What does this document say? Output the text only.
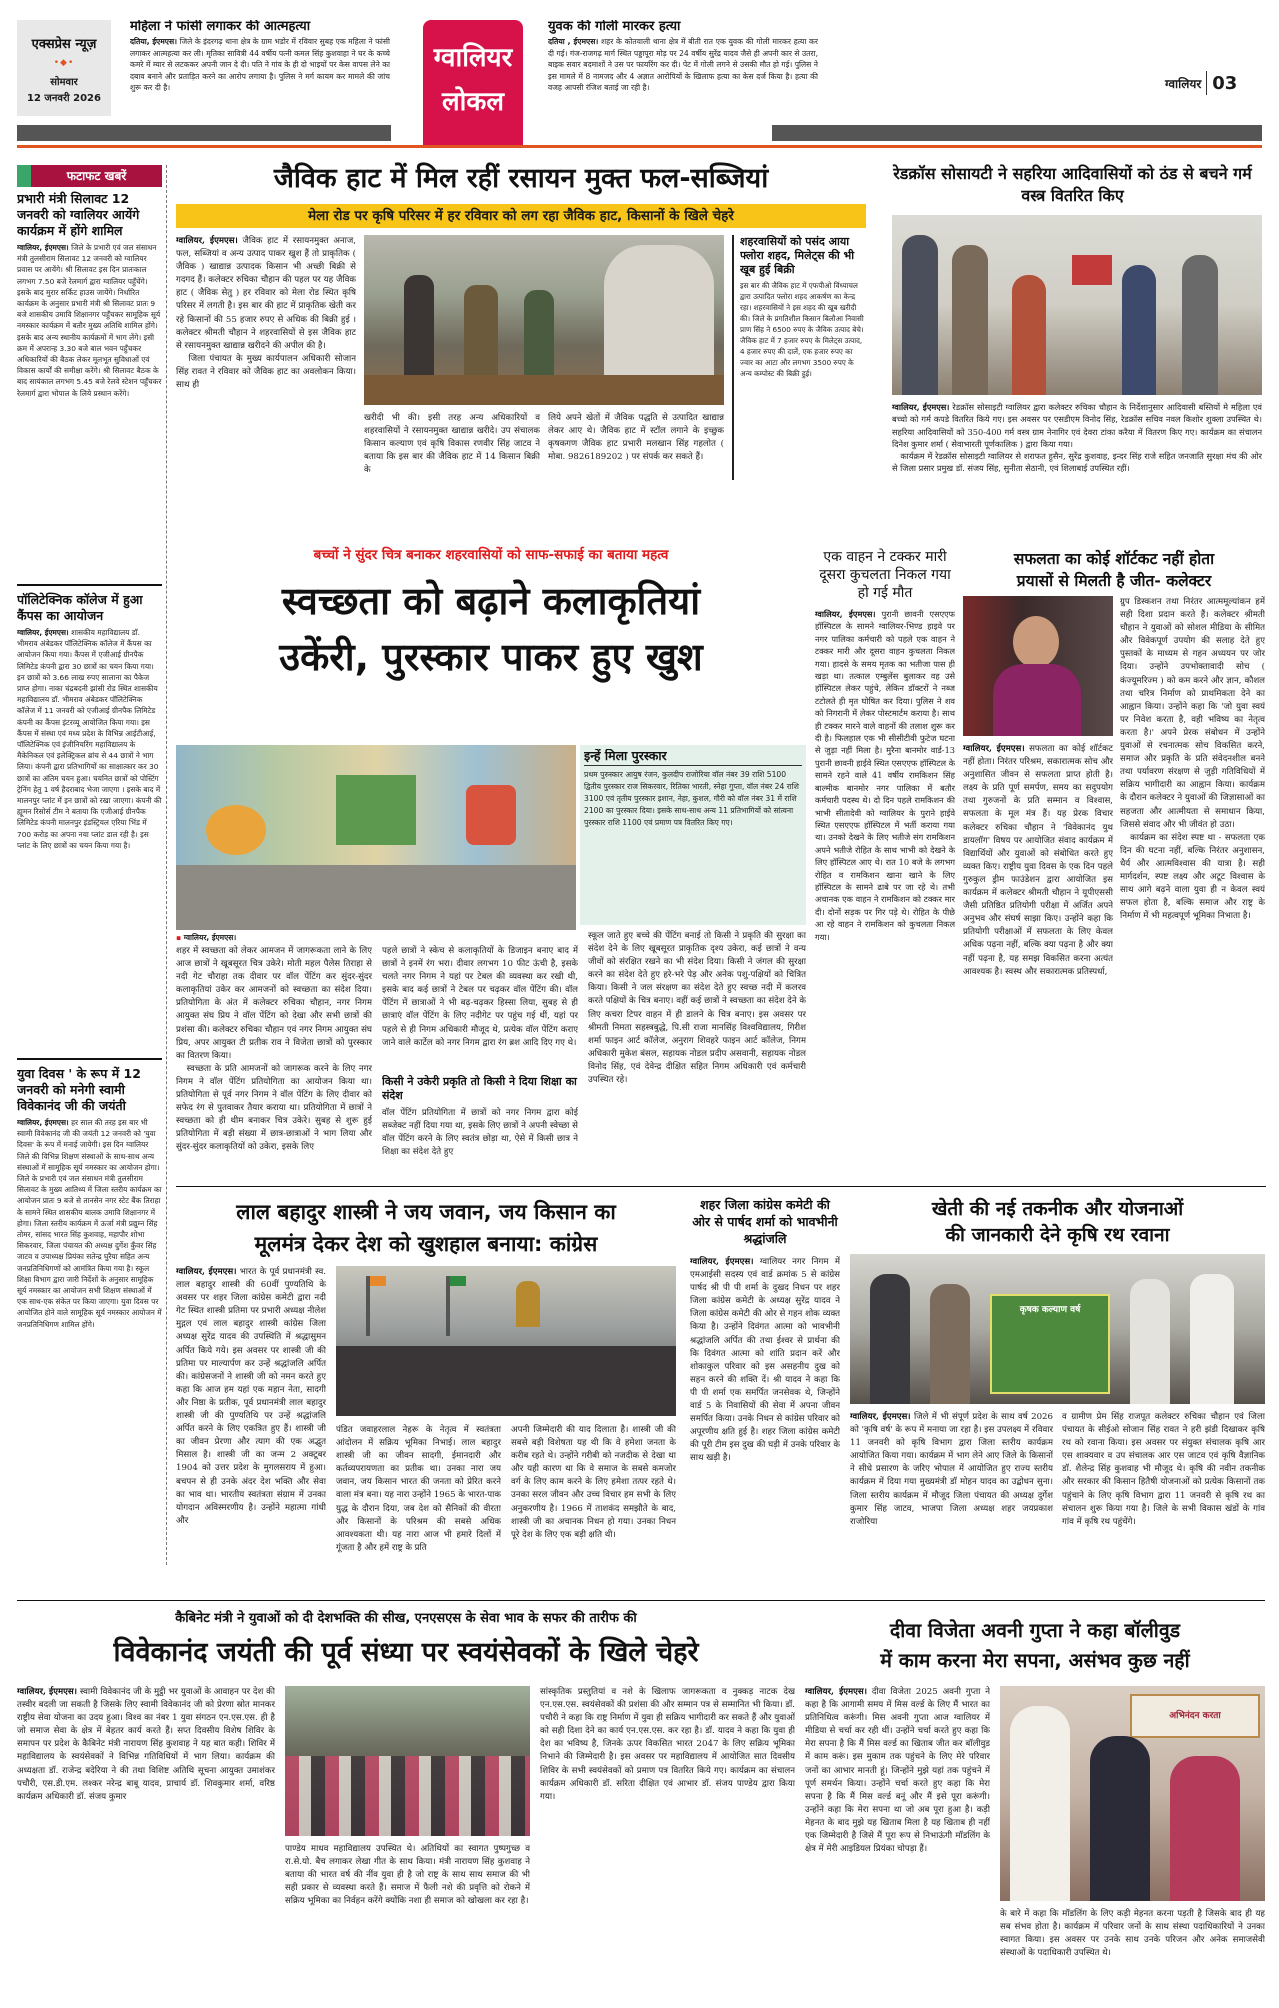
एक्सप्रेस न्यूज़
•◆•
सोमवार
12 जनवरी 2026
महिला ने फांसी लगाकर की आत्महत्या
दतिया, ईएमएस। जिले के इंदरगढ़ थाना क्षेत्र के ग्राम भडोर में रविवार सुबह एक महिला ने फांसी लगाकर आत्महत्या कर ली। मृतिका सावित्री 44 वर्षीय पत्नी कमल सिंह कुशवाहा ने घर के कच्चे कमरे में म्यार से लटककर अपनी जान दे दी। पति ने गांव के ही दो भाइयों पर केस वापस लेने का दबाव बनाने और प्रताड़ित करने का आरोप लगाया है। पुलिस ने मर्ग कायम कर मामले की जांच शुरू कर दी है।
ग्वालियर
लोकल
युवक की गोली मारकर हत्या
दतिया , ईएमएस। शहर के कोतवाली थाना क्षेत्र में बीती रात एक युवक की गोली मारकर हत्या कर दी गई। गंज-राजगढ़ मार्ग स्थित पड्डापूरा मोड़ पर 24 वर्षीय सुरेंद्र यादव जैसे ही अपनी कार से उतरा, बाइक सवार बदमाशों ने उस पर फायरिंग कर दी। पेट में गोली लगने से उसकी मौत हो गई। पुलिस ने इस मामले में 8 नामजद और 4 अज्ञात आरोपियों के खिलाफ हत्या का केस दर्ज किया है। हत्या की वजह आपसी रंजिश बताई जा रही है।	ग्वालियर 03
फटाफट खबरें
प्रभारी मंत्री सिलावट 12 जनवरी को ग्वालियर आयेंगे कार्यक्रम में होंगे शामिल
ग्वालियर, ईएमएस। जिले के प्रभारी एवं जल संसाधन मंत्री तुलसीराम सिलावट 12 जनवरी को ग्वालियर प्रवास पर आयेंगे। श्री सिलावट इस दिन प्रातःकाल लगभग 7.50 बजे रेलमार्ग द्वारा ग्वालियर पहुँचेंगे। इसके बाद मुरार सर्किट हाउस जायेंगे। निर्धारित कार्यक्रम के अनुसार प्रभारी मंत्री श्री सिलावट प्रातः 9 बजे शासकीय उमावि शिक्षानगर पहुँचकर सामूहिक सूर्य नमस्कार कार्यक्रम में बतौर मुख्य अतिथि शामिल होंगे। इसके बाद अन्य स्थानीय कार्यक्रमों में भाग लेंगे। इसी क्रम में अपरान्ह 3.30 बजे बाल भवन पहुँचकर अधिकारियों की बैठक लेकर मूलभूत सुविधाओं एवं विकास कार्यों की समीक्षा करेंगे। श्री सिलावट बैठक के बाद सायंकाल लगभग 5.45 बजे रेलवे स्टेशन पहुँचकर रेलमार्ग द्वारा भोपाल के लिये प्रस्थान करेंगे।
पॉलिटेक्निक कॉलेज में हुआ कैंपस का आयोजन
ग्वालियर, ईएमएस। शासकीय महाविद्यालय डॉ. भीमराव अंबेडकर पॉलिटेक्निक कॉलेज में कैंपस का आयोजन किया गया। कैंपस में एजीआई ग्रीनपैक लिमिटेड कंपनी द्वारा 30 छात्रों का चयन किया गया। इन छात्रों को 3.66 लाख रुपए सालाना का पैकेज प्राप्त होगा। नाका चंद्रबदनी झांसी रोड स्थित शासकीय महाविद्यालय डॉ. भीमराव अंबेडकर पॉलिटेक्निक कॉलेज में 11 जनवरी को एजीआई ग्रीनपैक लिमिटेड कंपनी का कैंपस इंटरव्यू आयोजित किया गया। इस कैंपस में संस्था एवं मध्य प्रदेश के विभिन्न आईटीआई, पॉलिटेक्निक एवं इंजीनियरिंग महाविद्यालय के मैकेनिकल एवं इलेक्ट्रिकल ब्रांच से 44 छात्रों ने भाग लिया। कंपनी द्वारा प्रतिभागियों का साक्षात्कार कर 30 छात्रों का अंतिम चयन हुआ। चयनित छात्रों को पोस्टिंग ट्रेनिंग हेतु 1 वर्ष हैदराबाद भेजा जाएगा । इसके बाद में मालनपुर प्लांट में इन छात्रों को रखा जाएगा। कंपनी की ह्यूमन रिसोर्स टीम ने बताया कि एजीआई ग्रीनपैक लिमिटेड कंपनी मालनपुर इंडस्ट्रियल एरिया भिंड में 700 करोड़ का अपना नया प्लांट डाल रही है। इस प्लांट के लिए छात्रों का चयन किया गया है।
युवा दिवस ' के रूप में 12 जनवरी को मनेगी स्वामी विवेकानंद जी की जयंती
ग्वालियर, ईएमएस। हर साल की तरह इस बार भी स्वामी विवेकानंद जी की जयंती 12 जनवरी को 'युवा दिवस' के रूप में मनाई जायेगी। इस दिन ग्वालियर जिले की विभिन्न शिक्षण संस्थाओं के साथ-साथ अन्य संस्थाओं में सामूहिक सूर्य नमस्कार का आयोजन होगा। जिले के प्रभारी एवं जल संसाधन मंत्री तुलसीराम सिलावट के मुख्य आतिथ्य में जिला स्तरीय कार्यक्रम का आयोजन प्रातः 9 बजे से तानसेन नगर स्टेट बैंक तिराहा के सामने स्थित शासकीय बालक उमावि शिक्षानगर में होगा। जिला स्तरीय कार्यक्रम में ऊर्जा मंत्री प्रद्युम्न सिंह तोमर, सांसद भारत सिंह कुशवाह, महापौर शोभा सिकरवार, जिला पंचायत की अध्यक्ष दुर्गेश कुँवर सिंह जाटव व उपाध्यक्ष प्रियंका सतेन्द्र घुरैया सहित अन्य जनप्रतिनिधिगणों को आमंत्रित किया गया है। स्कूल शिक्षा विभाग द्वारा जारी निर्देशों के अनुसार सामूहिक सूर्य नमस्कार का आयोजन सभी शिक्षण संस्थाओं में एक साथ-एक संकेत पर किया जाएगा। युवा दिवस पर आयोजित होने वाले सामूहिक सूर्य नमस्कार आयोजन में जनप्रतिनिधिगण शामिल होंगे।
जैविक हाट में मिल रहीं रसायन मुक्त फल-सब्जियां
मेला रोड पर कृषि परिसर में हर रविवार को लग रहा जैविक हाट, किसानों के खिले चेहरे
ग्वालियर, ईएमएस। जैविक हाट में रसायनमुक्त अनाज, फल, सब्जियां व अन्य उत्पाद पाकर खुश हैं तो प्राकृतिक ( जैविक ) खाद्यान्न उत्पादक किसान भी अच्छी बिक्री से गदगद हैं। कलेक्टर रुचिका चौहान की पहल पर यह जैविक हाट ( जैविक सेतु ) हर रविवार को मेला रोड स्थित कृषि परिसर में लगती है। इस बार की हाट में प्राकृतिक खेती कर रहे किसानों की 55 हजार रुपए से अधिक की बिक्री हुई । कलेक्टर श्रीमती चौहान ने शहरवासियों से इस जैविक हाट से रसायनमुक्त खाद्यान्न खरीदने की अपील की है।
जिला पंचायत के मुख्य कार्यपालन अधिकारी सोजान सिंह रावत ने रविवार को जैविक हाट का अवलोकन किया। साथ ही
खरीदी भी की। इसी तरह अन्य अधिकारियों व शहरवासियों ने रसायनमुक्त खाद्यान्न खरीदे। उप संचालक किसान कल्याण एवं कृषि विकास रणवीर सिंह जाटव ने बताया कि इस बार की जैविक हाट में 14 किसान बिक्री के
लिये अपने खेतों में जैविक पद्धति से उत्पादित खाद्यान्न लेकर आए थे। जैविक हाट में स्टॉल लगाने के इच्छुक कृषकगण जैविक हाट प्रभारी मलखान सिंह गहलोत ( मोबा. 9826189202 ) पर संपर्क कर सकते हैं।
शहरवासियों को पसंद आया फ्लोरा शहद, मिलेट्स की भी खूब हुई बिक्री
इस बार की जैविक हाट में एफपीओ विंध्याचल द्वारा उत्पादित फ्लोरा शहद आकर्षण का केन्द्र रहा। शहरवासियों ने इस शहद की खूब खरीदी की। जिले के प्रगतिशील किसान बिलौआ निवासी प्राण सिंह ने 6500 रुपए के जैविक उत्पाद बेचे। जैविक हाट में 7 हजार रुपए के मिलेट्स उत्पाद, 4 हजार रुपए की दालें, एक हजार रुपए का ज्वार का आटा और लगभग 3500 रुपए के अन्य कम्पोस्ट की बिक्री हुई।
रेडक्रॉस सोसायटी ने सहरिया आदिवासियों को ठंड से बचने गर्म वस्त्र वितरित किए
ग्वालियर, ईएमएस। रेडक्रॉस सोसाइटी ग्वालियर द्वारा कलेक्टर रुचिका चौहान के निर्देशानुसार आदिवासी बस्तियों मे महिला एवं बच्चो को गर्म कपडे वितरित किये गए। इस अवसर पर एसडीएम विनोद सिंह, रेडक्रॉस सचिव नवल किशोर शुक्ला उपस्थित थे। सहरिया आदिवासियों को 350-400 गर्म वस्त्र ग्राम नेनागिर एवं देवरा टांका करैया में वितरण किए गए। कार्यक्रम का संचालन दिनेश कुमार शर्मा ( सेवाभारती पूर्णकालिक ) द्वारा किया गया।
कार्यक्रम में रेडक्रॉस सोसाइटी ग्वालियर से शराफत हुसैन, सुरेंद्र कुशवाह, इन्दर सिंह राजे सहित जनजाति सुरक्षा मंच की ओर से जिला प्रसार प्रमुख डॉ. संजय सिंह, सुनीता सेठानी, एवं शिलाबाई उपस्थित रहीं।
बच्चों ने सुंदर चित्र बनाकर शहरवासियों को साफ-सफाई का बताया महत्व
स्वच्छता को बढ़ाने कलाकृतियां
उकेंरी, पुरस्कार पाकर हुए खुश
▪ ग्वालियर, ईएमएस।
इन्हें मिला पुरस्कार
प्रथम पुरुस्कार आयुष रंजन, कुलदीप राजोरिया वॉल नंबर 39 राशि 5100 द्वितीय पुरस्कार राज सिकरवार, रितिका भारती, स्नेहा गुप्ता, वॉल नंबर 24 राशि 3100 एवं तृतीय पुरस्कार इशान, नेहा, कुशल, गौरी को वॉल नंबर 31 में राशि 2100 का पुरस्कार दिया। इसके साथ-साथ अन्य 11 प्रतिभागियों को सांत्वना पुरस्कार राशि 1100 एवं प्रमाण पत्र वितरित किए गए।
शहर में स्वच्छता को लेकर आमजन में जागरूकता लाने के लिए आज छात्रों ने खूबसूरत चित्र उकेरे। मोती महल पैलेस तिराहा से नदी गेट चौराहा तक दीवार पर वॉल पेंटिंग कर सुंदर-सुंदर कलाकृतियां उकेर कर आमजनों को स्वच्छता का संदेश दिया। प्रतियोगिता के अंत में कलेक्टर रुचिका चौहान, नगर निगम आयुक्त संघ प्रिय ने वॉल पेंटिंग को देखा और सभी छात्रों की प्रशंसा की। कलेक्टर रुचिका चौहान एवं नगर निगम आयुक्त संघ प्रिय, अपर आयुक्त टी प्रतीक राव ने विजेता छात्रों को पुरस्कार का वितरण किया।
स्वच्छता के प्रति आमजनों को जागरूक करने के लिए नगर निगम ने वॉल पेंटिंग प्रतियोगिता का आयोजन किया था। प्रतियोगिता से पूर्व नगर निगम ने वॉल पेंटिंग के लिए दीवार को सफेद रंग से पुतवाकर तैयार कराया था। प्रतियोगिता में छात्रों ने स्वच्छता को ही थीम बनाकर चित्र उकेरे। सुबह से शुरू हुई प्रतियोगिता में बड़ी संख्या में छात्र-छात्राओं ने भाग लिया और सुंदर-सुंदर कलाकृतियों को उकेरा, इसके लिए
पहले छात्रों ने स्केच से कलाकृतियों के डिजाइन बनाए बाद में छात्रों ने इनमें रंग भरा। दीवार लगभग 10 फीट ऊंची है, इसके चलते नगर निगम ने यहां पर टेबल की व्यवस्था कर रखी थी, इसके बाद कई छात्रों ने टेबल पर चढ़कर वॉल पेंटिंग की। वॉल पेंटिंग में छात्राओं ने भी बढ़-चढ़कर हिस्सा लिया, सुबह से ही छात्राएं वॉल पेंटिंग के लिए नदीगेट पर पहुंच गई थीं, यहां पर पहले से ही निगम अधिकारी मौजूद थे, प्रत्येक वॉल पेंटिंग कराए जाने वाले कार्टेल को नगर निगम द्वारा रंग ब्रश आदि दिए गए थे।
किसी ने उकेरी प्रकृति तो किसी ने दिया शिक्षा का संदेश
वॉल पेंटिंग प्रतियोगिता में छात्रों को नगर निगम द्वारा कोई सब्जेक्ट नहीं दिया गया था, इसके लिए छात्रों ने अपनी स्वेच्छा से वॉल पेंटिंग करने के लिए स्वतंत्र छोड़ा था, ऐसे में किसी छात्र ने शिक्षा का संदेश देते हुए
स्कूल जाते हुए बच्चे की पेंटिंग बनाई तो किसी ने प्रकृति की सुरक्षा का संदेश देने के लिए खूबसूरत प्राकृतिक दृश्य उकेरा, कई छात्रों ने वन्य जीवों को संरक्षित रखने का भी संदेश दिया। किसी ने जंगल की सुरक्षा करने का संदेश देते हुए हरे-भरे पेड़ और अनेक पशु-पक्षियों को चित्रित किया। किसी ने जल संरक्षण का संदेश देते हुए स्वच्छ नदी में कलरव करते पक्षियों के चित्र बनाए। वहीं कई छात्रों ने स्वच्छता का संदेश देने के लिए कचरा टिपर वाहन में ही डालने के चित्र बनाए। इस अवसर पर श्रीमती निमता सहस्त्रबुद्धे, पि.सी राजा मानसिंह विश्वविद्यालय, गिरीश शर्मा फाइन आर्ट कॉलेज, अनुराग शिवहरे फाइन आर्ट कॉलेज, निगम अधिकारी मुकेश बंसल, सहायक नोडल प्रदीप असवानी, सहायक नोडल विनोद सिंह, एवं देवेन्द्र दीक्षित सहित निगम अधिकारी एवं कर्मचारी उपस्थित रहे।
एक वाहन ने टक्कर मारी दूसरा कुचलता निकल गया हो गई मौत
ग्वालियर, ईएमएस। पुरानी छावनी एसएएफ हॉस्पिटल के सामने ग्वालियर-भिण्ड हाइवे पर नगर पालिका कर्मचारी को पहले एक वाहन ने टक्कर मारी और दूसरा वाहन कुचलता निकल गया। हादसे के समय मृतक का भतीजा पास ही खड़ा था। तत्काल एम्बुलेंस बुलाकर वह उसे हॉस्पिटल लेकर पहुंचे, लेकिन डॉक्टरों ने नब्ज टटोलते ही मृत घोषित कर दिया। पुलिस ने शव को निगरानी में लेकर पोस्टमार्टम कराया है। साथ ही टक्कर मारने वाले वाहनों की तलाश शुरू कर दी है। फिलहाल एक भी सीसीटीवी फुटेज घटना से जुड़ा नहीं मिला है। मुरैना बानमोर वार्ड-13 पुरानी छावनी हाईवे स्थित एसएएफ हॉस्पिटल के सामने रहने वाले 41 वर्षीय रामकिशन सिंह बाल्मीक बानमोर नगर पालिका में बतौर कर्मचारी पदस्थ थे। दो दिन पहले रामकिशन की भाभी सीतादेवी को ग्वालियर के पुराने हाईवे स्थित एसएएफ हॉस्पिटल में भर्ती कराया गया था। उनको देखने के लिए भतीजे संग रामकिशन अपने भतीजे रोहित के साथ भाभी को देखने के लिए हॉस्पिटल आए थे। रात 10 बजे के लगभग रोहित व रामकिशन खाना खाने के लिए हॉस्पिटल के सामने ढाबे पर जा रहे थे। तभी अचानक एक वाहन ने रामकिशन को टक्कर मार दी। दोनों सड़क पर गिर पड़े थे। रोहित के पीछे आ रहे वाहन ने रामकिशन को कुचलता निकल गया।
सफलता का कोई शॉर्टकट नहीं होता
प्रयासों से मिलती है जीत- कलेक्टर
ग्वालियर, ईएमएस। सफलता का कोई शॉर्टकट नहीं होता। निरंतर परिश्रम, सकारात्मक सोच और अनुशासित जीवन से सफलता प्राप्त होती है। लक्ष्य के प्रति पूर्ण समर्पण, समय का सदुपयोग तथा गुरुजनों के प्रति सम्मान व विश्वास, सफलता के मूल मंत्र हैं। यह प्रेरक विचार कलेक्टर रुचिका चौहान ने 'विवेकानंद युथ डायलॉग' विषय पर आयोजित संवाद कार्यक्रम में विद्यार्थियों और युवाओं को संबोधित करते हुए व्यक्त किए। राष्ट्रीय युवा दिवस के एक दिन पहले गुरुकुल ड्रीम फाउंडेशन द्वारा आयोजित इस कार्यक्रम में कलेक्टर श्रीमती चौहान ने यूपीएससी जैसी प्रतिष्ठित प्रतियोगी परीक्षा में अर्जित अपने अनुभव और संघर्ष साझा किए। उन्होंने कहा कि प्रतियोगी परीक्षाओं में सफलता के लिए केवल अधिक पढ़ना नहीं, बल्कि क्या पढ़ना है और क्या नहीं पढ़ना है, यह समझ विकसित करना अत्यंत आवश्यक है। स्वस्थ और सकारात्मक प्रतिस्पर्धा,
ग्रुप डिस्कशन तथा निरंतर आत्ममूल्यांकन हमें सही दिशा प्रदान करते हैं। कलेक्टर श्रीमती चौहान ने युवाओं को सोशल मीडिया के सीमित और विवेकपूर्ण उपयोग की सलाह देते हुए पुस्तकों के माध्यम से गहन अध्ययन पर जोर दिया। उन्होंने उपभोक्तावादी सोच ( कंज्यूमरिज्म ) को कम करने और ज्ञान, कौशल तथा चरित्र निर्माण को प्राथमिकता देने का आह्वान किया। उन्होंने कहा कि 'जो युवा स्वयं पर निवेश करता है, वही भविष्य का नेतृत्व करता है।' अपने प्रेरक संबोधन में उन्होंने युवाओं से रचनात्मक सोच विकसित करने, समाज और प्रकृति के प्रति संवेदनशील बनने तथा पर्यावरण संरक्षण से जुड़ी गतिविधियों में सक्रिय भागीदारी का आह्वान किया। कार्यक्रम के दौरान कलेक्टर ने युवाओं की जिज्ञासाओं का सहजता और आत्मीयता से समाधान किया, जिससे संवाद और भी जीवंत हो उठा।
कार्यक्रम का संदेश स्पष्ट था - सफलता एक दिन की घटना नहीं, बल्कि निरंतर अनुशासन, धैर्य और आत्मविश्वास की यात्रा है। सही मार्गदर्शन, स्पष्ट लक्ष्य और अटूट विश्वास के साथ आगे बढ़ने वाला युवा ही न केवल स्वयं सफल होता है, बल्कि समाज और राष्ट्र के निर्माण में भी महत्वपूर्ण भूमिका निभाता है।
लाल बहादुर शास्त्री ने जय जवान, जय किसान का
मूलमंत्र देकर देश को खुशहाल बनाया: कांग्रेस
ग्वालियर, ईएमएस। भारत के पूर्व प्रधानमंत्री स्व. लाल बहादुर शास्त्री की 60वीं पुण्यतिथि के अवसर पर शहर जिला कांग्रेस कमेटी द्वारा नदी गेट स्थित शास्त्री प्रतिमा पर प्रभारी अध्यक्ष नीलेश मुद्गल एवं लाल बहादुर शास्त्री कांग्रेस जिला अध्यक्ष सुरेंद्र यादव की उपस्थिति में श्रद्धासुमन अर्पित किये गये। इस अवसर पर शास्त्री जी की प्रतिमा पर माल्यार्पण कर उन्हें श्रद्धांजलि अर्पित की। कांग्रेसजनों ने शास्त्री जी को नमन करते हुए कहा कि आज हम यहां एक महान नेता, सादगी और निष्ठा के प्रतीक, पूर्व प्रधानमंत्री लाल बहादुर शास्त्री जी की पुण्यतिथि पर उन्हें श्रद्धांजलि अर्पित करने के लिए एकत्रित हुए हैं। शास्त्री जी का जीवन प्रेरणा और त्याग की एक अद्भुत मिसाल है। शास्त्री जी का जन्म 2 अक्टूबर 1904 को उत्तर प्रदेश के मुगलसराय में हुआ। बचपन से ही उनके अंदर देश भक्ति और सेवा का भाव था। भारतीय स्वतंत्रता संग्राम में उनका योगदान अविस्मरणीय है। उन्होंने महात्मा गांधी और
पंडित जवाहरलाल नेहरू के नेतृत्व में स्वतंत्रता आंदोलन में सक्रिय भूमिका निभाई। लाल बहादुर शास्त्री जी का जीवन सादगी, ईमानदारी और कर्तव्यपरायणता का प्रतीक था। उनका नारा जय जवान, जय किसान भारत की जनता को प्रेरित करने वाला मंत्र बना। यह नारा उन्होंने 1965 के भारत-पाक युद्ध के दौरान दिया, जब देश को सैनिकों की वीरता और किसानों के परिश्रम की सबसे अधिक आवश्यकता थी। यह नारा आज भी हमारे दिलों में गूंजता है और हमें राष्ट्र के प्रति
अपनी जिम्मेदारी की याद दिलाता है। शास्त्री जी की सबसे बड़ी विशेषता यह थी कि वे हमेशा जनता के करीब रहते थे। उन्होंने गरीबी को नजदीक से देखा था और यही कारण था कि वे समाज के सबसे कमजोर वर्ग के लिए काम करने के लिए हमेशा तत्पर रहते थे। उनका सरल जीवन और उच्च विचार हम सभी के लिए अनुकरणीय है। 1966 में ताशकंद समझौते के बाद, शास्त्री जी का अचानक निधन हो गया। उनका निधन पूरे देश के लिए एक बड़ी क्षति थी।
शहर जिला कांग्रेस कमेटी की ओर से पार्षद शर्मा को भावभीनी श्रद्धांजलि
ग्वालियर, ईएमएस। ग्वालियर नगर निगम में एमआईसी सदस्य एवं वार्ड क्रमांक 5 से कांग्रेस पार्षद श्री पी पी शर्मा के दुखद निधन पर शहर जिला कांग्रेस कमेटी के अध्यक्ष सुरेंद्र यादव ने जिला कांग्रेस कमेटी की ओर से गहन शोक व्यक्त किया है। उन्होंने दिवंगत आत्मा को भावभीनी श्रद्धांजलि अर्पित की तथा ईश्वर से प्रार्थना की कि दिवंगत आत्मा को शांति प्रदान करें और शोकाकुल परिवार को इस असहनीय दुख को सहन करने की शक्ति दें। श्री यादव ने कहा कि पी पी शर्मा एक समर्पित जनसेवक थे, जिन्होंने वार्ड 5 के निवासियों की सेवा में अपना जीवन समर्पित किया। उनके निधन से कांग्रेस परिवार को अपूरणीय क्षति हुई है। शहर जिला कांग्रेस कमेटी की पूरी टीम इस दुख की घड़ी में उनके परिवार के साथ खड़ी है।
खेती की नई तकनीक और योजनाओं
की जानकारी देने कृषि रथ रवाना
कृषक कल्याण वर्ष
ग्वालियर, ईएमएस। जिले में भी संपूर्ण प्रदेश के साथ वर्ष 2026 को 'कृषि वर्ष' के रूप में मनाया जा रहा है। इस उपलक्ष्य में रविवार 11 जनवरी को कृषि विभाग द्वारा जिला स्तरीय कार्यक्रम आयोजित किया गया। कार्यक्रम में भाग लेने आए जिले के किसानों ने सीधे प्रसारण के जरिए भोपाल में आयोजित हुए राज्य स्तरीय कार्यक्रम में दिया गया मुख्यमंत्री डॉ मोहन यादव का उद्बोधन सुना। जिला स्तरीय कार्यक्रम में मौजूद जिला पंचायत की अध्यक्ष दुर्गेश कुमार सिंह जाटव, भाजपा जिला अध्यक्ष शहर जयप्रकाश राजोरिया
व ग्रामीण प्रेम सिंह राजपूत कलेक्टर रुचिका चौहान एवं जिला पंचायत के सीईओ सोजान सिंह रावत ने हरी झंडी दिखाकर कृषि रथ को रवाना किया। इस अवसर पर संयुक्त संचालक कृषि आर एस शाक्यवार व उप संचालक आर एस जाटव एवं कृषि वैज्ञानिक डॉ. शैलेन्द्र सिंह कुशवाह भी मौजूद थे। कृषि की नवीन तकनीक और सरकार की किसान हितैषी योजनाओं को प्रत्येक किसानों तक पहुंचाने के लिए कृषि विभाग द्वारा 11 जनवरी से कृषि रथ का संचालन शुरू किया गया है। जिले के सभी विकास खंडों के गांव गांव में कृषि रथ पहुंचेंगे।
कैबिनेट मंत्री ने युवाओं को दी देशभक्ति की सीख, एनएसएस के सेवा भाव के सफर की तारीफ की
विवेकानंद जयंती की पूर्व संध्या पर स्वयंसेवकों के खिले चेहरे
ग्वालियर, ईएमएस। स्वामी विवेकानंद जी के मुट्ठी भर युवाओं के आवाहन पर देश की तस्वीर बदली जा सकती है जिसके लिए स्वामी विवेकानंद जी को प्रेरणा स्रोत मानकर राष्ट्रीय सेवा योजना का उदय हुआ। विश्व का नंबर 1 युवा संगठन एन.एस.एस. ही है जो समाज सेवा के क्षेत्र में बेहतर कार्य करते हैं। सप्त दिवसीय विशेष शिविर के समापन पर प्रदेश के कैबिनेट मंत्री नारायण सिंह कुशवाह ने यह बात कही। शिविर में महाविद्यालय के स्वयंसेवकों ने विभिन्न गतिविधियों में भाग लिया। कार्यक्रम की अध्यक्षता डॉ. राजेन्द्र बदेरिया ने की तथा विशिष्ट अतिथि सूचना आयुक्त उमाशंकर पचौरी, एस.डी.एम. लश्कर नरेन्द्र बाबू यादव, प्राचार्य डॉ. शिवकुमार शर्मा, वरिष्ठ कार्यक्रम अधिकारी डॉ. संजय कुमार
पाण्डेय माधव महाविद्यालय उपस्थित थे। अतिथियों का स्वागत पुष्पगुच्छ व रा.से.यो. बैच लगाकर लेखा गीत के साथ किया। मंत्री नारायण सिंह कुशवाह ने बताया की भारत वर्ष की नींव युवा ही है जो राष्ट्र के साथ साथ समाज की भी सही प्रकार से व्यवस्था करते हैं। समाज में फैली नशे की प्रवृत्ति को रोकने में सक्रिय भूमिका का निर्वहन करेंगे क्योंकि नशा ही समाज को खोखला कर रहा है।
सांस्कृतिक प्रस्तुतियां व नशे के खिलाफ जागरूकता व नुक्कड़ नाटक देख एन.एस.एस. स्वयंसेवकों की प्रशंसा की और सम्मान पत्र से सम्मानित भी किया। डॉ. पचौरी ने कहा कि राष्ट्र निर्माण में युवा ही सक्रिय भागीदारी कर सकते हैं और युवाओं को सही दिशा देने का कार्य एन.एस.एस. कर रहा है। डॉ. यादव ने कहा कि युवा ही देश का भविष्य है, जिनके ऊपर विकसित भारत 2047 के लिए सक्रिय भूमिका निभाने की जिम्मेदारी है। इस अवसर पर महाविद्यालय में आयोजित सात दिवसीय शिविर के सभी स्वयंसेवकों को प्रमाण पत्र वितरित किये गए। कार्यक्रम का संचालन कार्यक्रम अधिकारी डॉ. सरिता दीक्षित एवं आभार डॉ. संजय पाण्डेय द्वारा किया गया।
दीवा विजेता अवनी गुप्ता ने कहा बॉलीवुड
में काम करना मेरा सपना, असंभव कुछ नहीं
ग्वालियर, ईएमएस। दीवा विजेता 2025 अवनी गुप्ता ने कहा है कि आगामी समय में मिस वर्ल्ड के लिए मैं भारत का प्रतिनिधित्व करूंगी। मिस अवनी गुप्ता आज ग्वालियर में मीडिया से चर्चा कर रही थीं। उन्होंने चर्चा करते हुए कहा कि मेरा सपना है कि मैं मिस वर्ल्ड का खिताब जीत कर बॉलीवुड में काम करूं। इस मुकाम तक पहुंचने के लिए मेरे परिवार जनों का आभार मानती हूं। जिन्होंने मुझे यहां तक पहुंचने में पूर्ण समर्थन किया। उन्होंने चर्चा करते हुए कहा कि मेरा सपना है कि मैं मिस वर्ल्ड बनूं और मैं इसे पूरा करूंगी। उन्होंने कहा कि मेरा सपना था जो अब पूरा हुआ है। कड़ी मेहनत के बाद मुझे यह खिताब मिला है यह खिताब ही नहीं एक जिम्मेदारी है जिसे मैं पूरा रूप से निभाऊंगी मॉडलिंग के क्षेत्र में मेरी आइडियल प्रियंका चोपड़ा हैं।
अभिनंदन करता
के बारे में कहा कि मॉडलिंग के लिए कड़ी मेहनत करना पड़ती है जिसके बाद ही यह सब संभव होता है। कार्यक्रम में परिवार जनों के साथ संस्था पदाधिकारियों ने उनका स्वागत किया। इस अवसर पर उनके साथ उनके परिजन और अनेक समाजसेवी संस्थाओं के पदाधिकारी उपस्थित थे।
